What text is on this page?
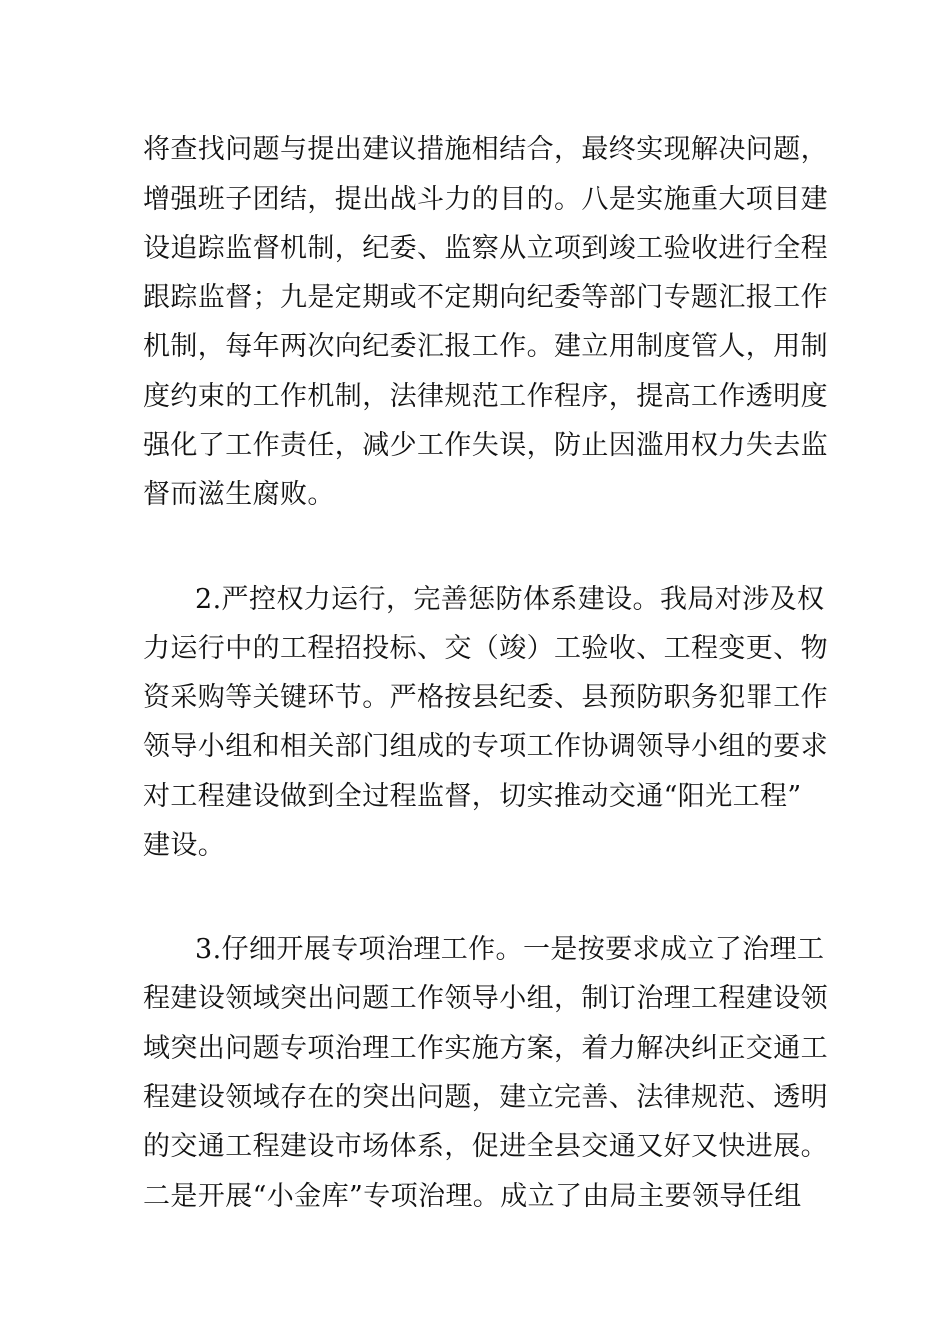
将查找问题与提出建议措施相结合，最终实现解决问题，
增强班子团结，提出战斗力的目的。八是实施重大项目建
设追踪监督机制，纪委、监察从立项到竣工验收进行全程
跟踪监督；九是定期或不定期向纪委等部门专题汇报工作
机制，每年两次向纪委汇报工作。建立用制度管人，用制
度约束的工作机制，法律规范工作程序，提高工作透明度
强化了工作责任，减少工作失误，防止因滥用权力失去监
督而滋生腐败。
2.严控权力运行，完善惩防体系建设。我局对涉及权
力运行中的工程招投标、交（竣）工验收、工程变更、物
资采购等关键环节。严格按县纪委、县预防职务犯罪工作
领导小组和相关部门组成的专项工作协调领导小组的要求
对工程建设做到全过程监督，切实推动交通“阳光工程”
建设。
3.仔细开展专项治理工作。一是按要求成立了治理工
程建设领域突出问题工作领导小组，制订治理工程建设领
域突出问题专项治理工作实施方案，着力解决纠正交通工
程建设领域存在的突出问题，建立完善、法律规范、透明
的交通工程建设市场体系，促进全县交通又好又快进展。
二是开展“小金库”专项治理。成立了由局主要领导任组
